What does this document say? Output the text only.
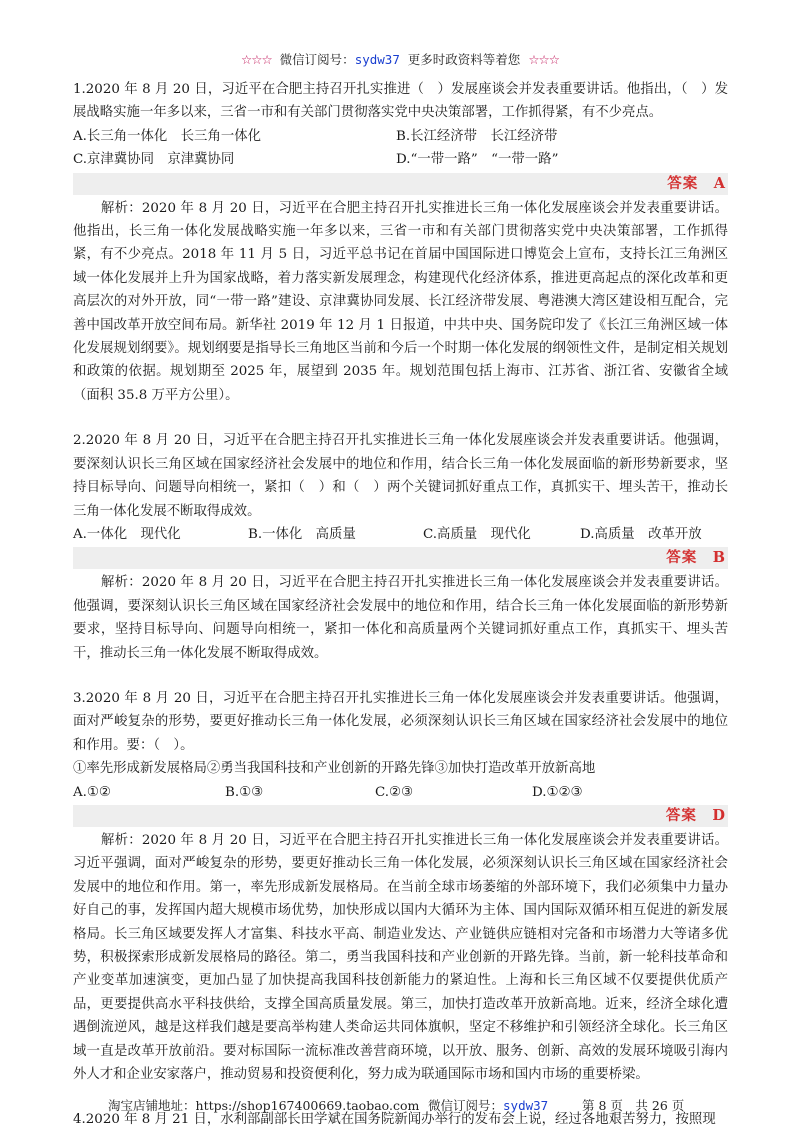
☆☆☆ 微信订阅号：sydw37 更多时政资料等着您 ☆☆☆

1.2020 年 8 月 20 日，习近平在合肥主持召开扎实推进（　）发展座谈会并发表重要讲话。他指出，（　）发展战略实施一年多以来，三省一市和有关部门贯彻落实党中央决策部署，工作抓得紧，有不少亮点。

A.长三角一体化　长三角一体化	B.长江经济带　长江经济带
C.京津冀协同　京津冀协同	D.“一带一路”　“一带一路”
答案　A

解析：2020 年 8 月 20 日，习近平在合肥主持召开扎实推进长三角一体化发展座谈会并发表重要讲话。他指出，长三角一体化发展战略实施一年多以来，三省一市和有关部门贯彻落实党中央决策部署，工作抓得紧，有不少亮点。2018 年 11 月 5 日，习近平总书记在首届中国国际进口博览会上宣布，支持长江三角洲区域一体化发展并上升为国家战略，着力落实新发展理念，构建现代化经济体系，推进更高起点的深化改革和更高层次的对外开放，同“一带一路”建设、京津冀协同发展、长江经济带发展、粤港澳大湾区建设相互配合，完善中国改革开放空间布局。新华社 2019 年 12 月 1 日报道，中共中央、国务院印发了《长江三角洲区域一体化发展规划纲要》。规划纲要是指导长三角地区当前和今后一个时期一体化发展的纲领性文件，是制定相关规划和政策的依据。规划期至 2025 年，展望到 2035 年。规划范围包括上海市、江苏省、浙江省、安徽省全域（面积 35.8 万平方公里）。

2.2020 年 8 月 20 日，习近平在合肥主持召开扎实推进长三角一体化发展座谈会并发表重要讲话。他强调，要深刻认识长三角区域在国家经济社会发展中的地位和作用，结合长三角一体化发展面临的新形势新要求，坚持目标导向、问题导向相统一，紧扣（　）和（　）两个关键词抓好重点工作，真抓实干、埋头苦干，推动长三角一体化发展不断取得成效。

A.一体化　现代化	B.一体化　高质量	C.高质量　现代化	D.高质量　改革开放
答案　B

解析：2020 年 8 月 20 日，习近平在合肥主持召开扎实推进长三角一体化发展座谈会并发表重要讲话。他强调，要深刻认识长三角区域在国家经济社会发展中的地位和作用，结合长三角一体化发展面临的新形势新要求，坚持目标导向、问题导向相统一，紧扣一体化和高质量两个关键词抓好重点工作，真抓实干、埋头苦干，推动长三角一体化发展不断取得成效。

3.2020 年 8 月 20 日，习近平在合肥主持召开扎实推进长三角一体化发展座谈会并发表重要讲话。他强调，面对严峻复杂的形势，要更好推动长三角一体化发展，必须深刻认识长三角区域在国家经济社会发展中的地位和作用。要：（　）。

①率先形成新发展格局②勇当我国科技和产业创新的开路先锋③加快打造改革开放新高地

A.①②	B.①③	C.②③	D.①②③
答案　D

解析：2020 年 8 月 20 日，习近平在合肥主持召开扎实推进长三角一体化发展座谈会并发表重要讲话。习近平强调，面对严峻复杂的形势，要更好推动长三角一体化发展，必须深刻认识长三角区域在国家经济社会发展中的地位和作用。第一，率先形成新发展格局。在当前全球市场萎缩的外部环境下，我们必须集中力量办好自己的事，发挥国内超大规模市场优势，加快形成以国内大循环为主体、国内国际双循环相互促进的新发展格局。长三角区域要发挥人才富集、科技水平高、制造业发达、产业链供应链相对完备和市场潜力大等诸多优势，积极探索形成新发展格局的路径。第二，勇当我国科技和产业创新的开路先锋。当前，新一轮科技革命和产业变革加速演变，更加凸显了加快提高我国科技创新能力的紧迫性。上海和长三角区域不仅要提供优质产品，更要提供高水平科技供给，支撑全国高质量发展。第三，加快打造改革开放新高地。近来，经济全球化遭遇倒流逆风，越是这样我们越是要高举构建人类命运共同体旗帜，坚定不移维护和引领经济全球化。长三角区域一直是改革开放前沿。要对标国际一流标准改善营商环境，以开放、服务、创新、高效的发展环境吸引海内外人才和企业安家落户，推动贸易和投资便利化，努力成为联通国际市场和国内市场的重要桥梁。

4.2020 年 8 月 21 日，水利部副部长田学斌在国务院新闻办举行的发布会上说，经过各地艰苦努力，按照现

淘宝店铺地址：https://shop167400669.taobao.com 微信订阅号：sydw37	第 8 页　共 26 页
